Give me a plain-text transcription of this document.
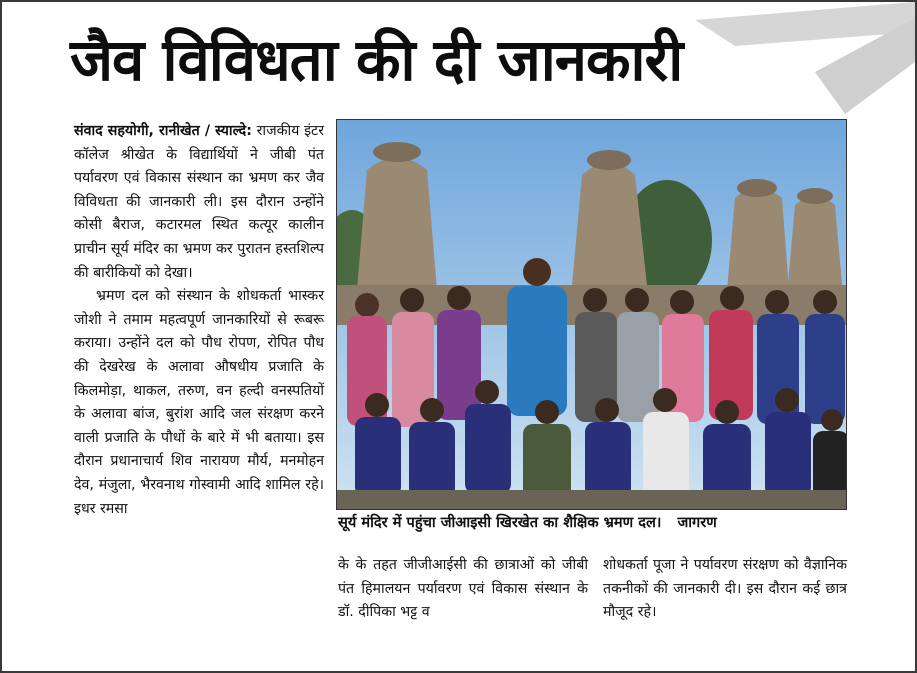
जैव विविधता की दी जानकारी

संवाद सहयोगी, रानीखेत / स्याल्दे: राजकीय इंटर कॉलेज श्रीखेत के विद्यार्थियों ने जीबी पंत पर्यावरण एवं विकास संस्थान का भ्रमण कर जैव विविधता की जानकारी ली। इस दौरान उन्होंने कोसी बैराज, कटारमल स्थित कत्यूर कालीन प्राचीन सूर्य मंदिर का भ्रमण कर पुरातन हस्तशिल्प की बारीकियों को देखा।

भ्रमण दल को संस्थान के शोधकर्ता भास्कर जोशी ने तमाम महत्वपूर्ण जानकारियों से रूबरू कराया। उन्होंने दल को पौध रोपण, रोपित पौध की देखरेख के अलावा औषधीय प्रजाति के किलमोड़ा, थाकल, तरुण, वन हल्दी वनस्पतियों के अलावा बांज, बुरांश आदि जल संरक्षण करने वाली प्रजाति के पौधों के बारे में भी बताया। इस दौरान प्रधानाचार्य शिव नारायण मौर्य, मनमोहन देव, मंजुला, भैरवनाथ गोस्वामी आदि शामिल रहे। इधर रमसा

सूर्य मंदिर में पहुंचा जीआइसी खिरखेत का शैक्षिक भ्रमण दल। जागरण

के के तहत जीजीआईसी की छात्राओं को जीबी पंत हिमालयन पर्यावरण एवं विकास संस्थान के डॉ. दीपिका भट्ट व

शोधकर्ता पूजा ने पर्यावरण संरक्षण को वैज्ञानिक तकनीकों की जानकारी दी। इस दौरान कई छात्र मौजूद रहे।
